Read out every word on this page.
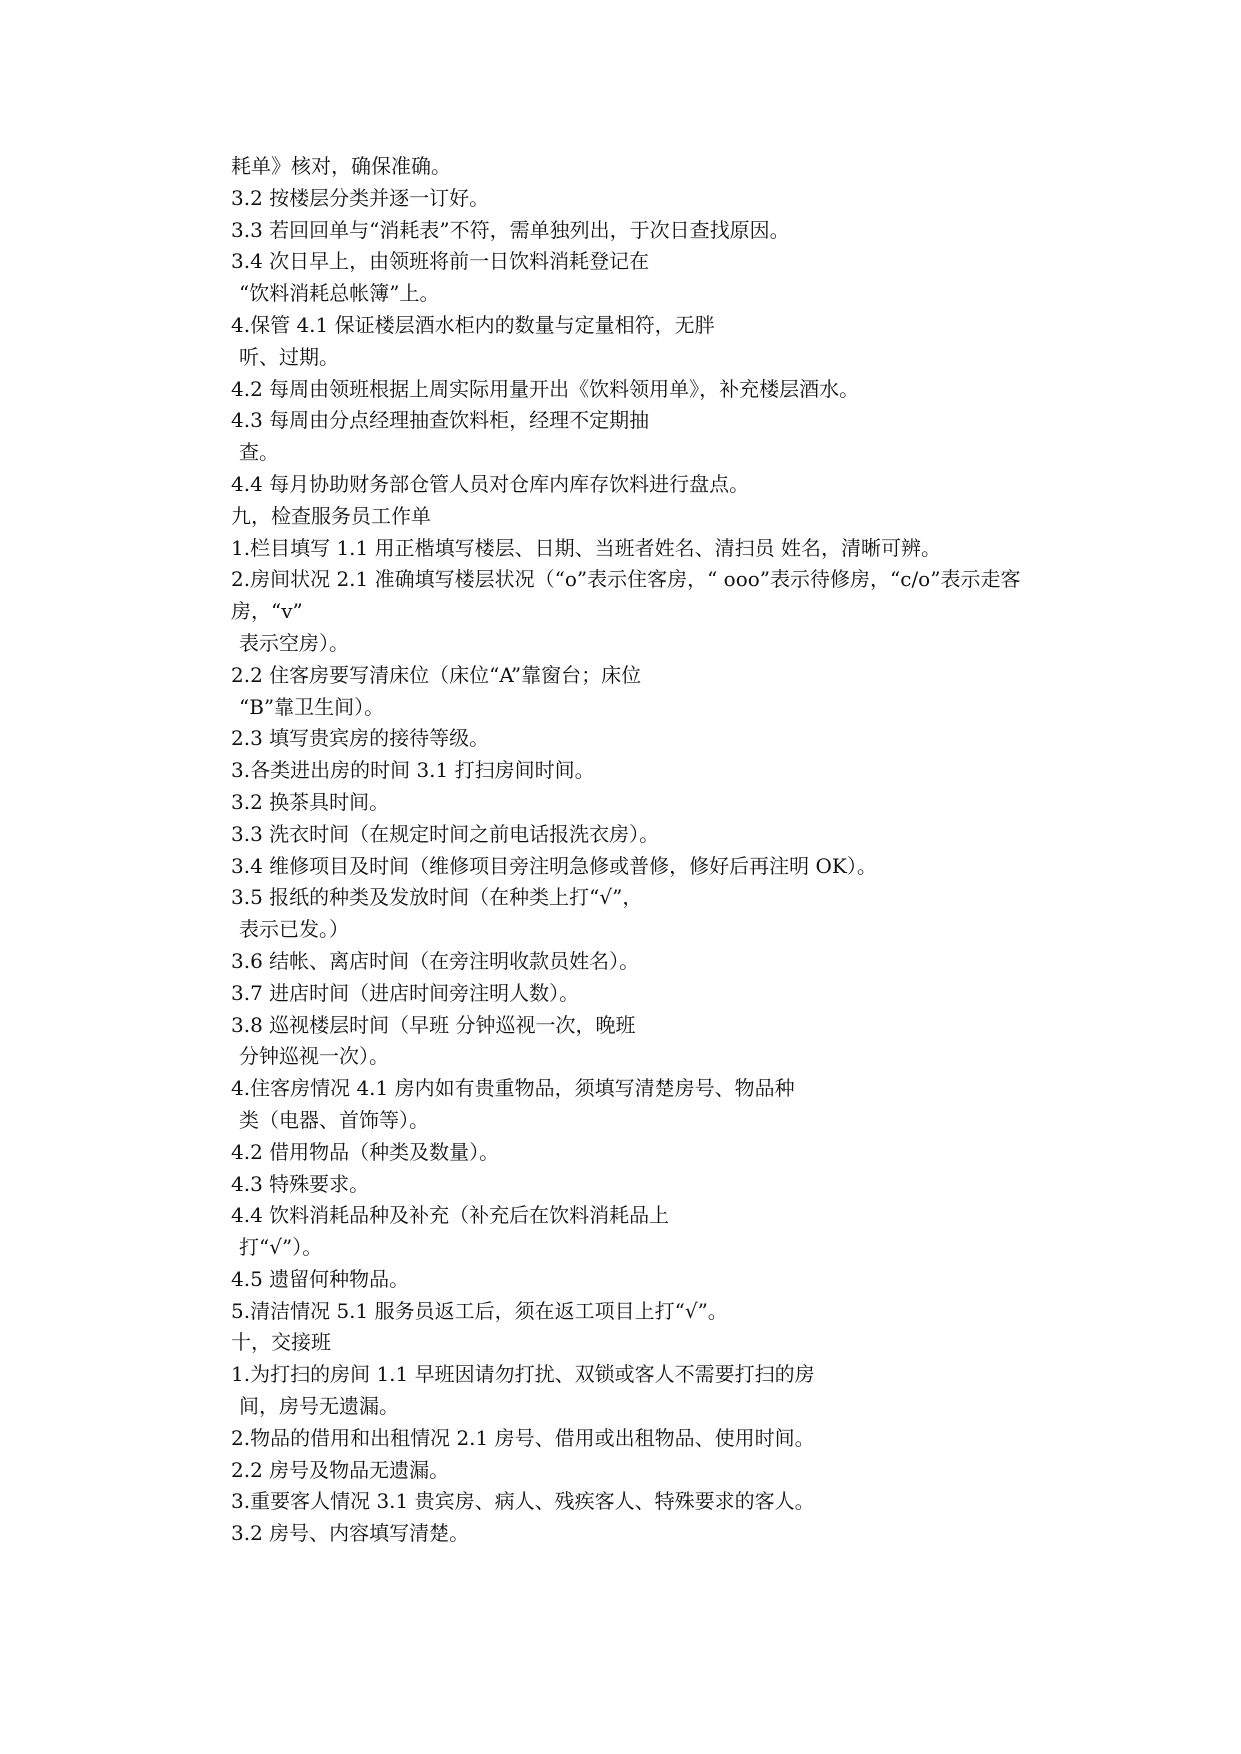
耗单》核对，确保准确。
3.2 按楼层分类并逐一订好。
3.3 若回回单与“消耗表”不符，需单独列出，于次日查找原因。
3.4 次日早上，由领班将前一日饮料消耗登记在
“饮料消耗总帐簿”上。
4.保管 4.1 保证楼层酒水柜内的数量与定量相符，无胖
听、过期。
4.2 每周由领班根据上周实际用量开出《饮料领用单》，补充楼层酒水。
4.3 每周由分点经理抽查饮料柜，经理不定期抽
查。
4.4 每月协助财务部仓管人员对仓库内库存饮料进行盘点。
九，检查服务员工作单
1.栏目填写 1.1 用正楷填写楼层、日期、当班者姓名、清扫员 姓名，清晰可辨。
2.房间状况 2.1 准确填写楼层状况（“o”表示住客房，“ ooo”表示待修房，“c/o”表示走客
房，“v”
表示空房）。
2.2 住客房要写清床位（床位“A”靠窗台；床位
“B”靠卫生间）。
2.3 填写贵宾房的接待等级。
3.各类进出房的时间 3.1 打扫房间时间。
3.2 换茶具时间。
3.3 洗衣时间（在规定时间之前电话报洗衣房）。
3.4 维修项目及时间（维修项目旁注明急修或普修，修好后再注明 OK）。
3.5 报纸的种类及发放时间（在种类上打“√”，
表示已发。）
3.6 结帐、离店时间（在旁注明收款员姓名）。
3.7 进店时间（进店时间旁注明人数）。
3.8 巡视楼层时间（早班 分钟巡视一次，晚班
分钟巡视一次）。
4.住客房情况 4.1 房内如有贵重物品，须填写清楚房号、物品种
类（电器、首饰等）。
4.2 借用物品（种类及数量）。
4.3 特殊要求。
4.4 饮料消耗品种及补充（补充后在饮料消耗品上
打“√”）。
4.5 遗留何种物品。
5.清洁情况 5.1 服务员返工后，须在返工项目上打“√”。
十，交接班
1.为打扫的房间 1.1 早班因请勿打扰、双锁或客人不需要打扫的房
间，房号无遗漏。
2.物品的借用和出租情况 2.1 房号、借用或出租物品、使用时间。
2.2 房号及物品无遗漏。
3.重要客人情况 3.1 贵宾房、病人、残疾客人、特殊要求的客人。
3.2 房号、内容填写清楚。
